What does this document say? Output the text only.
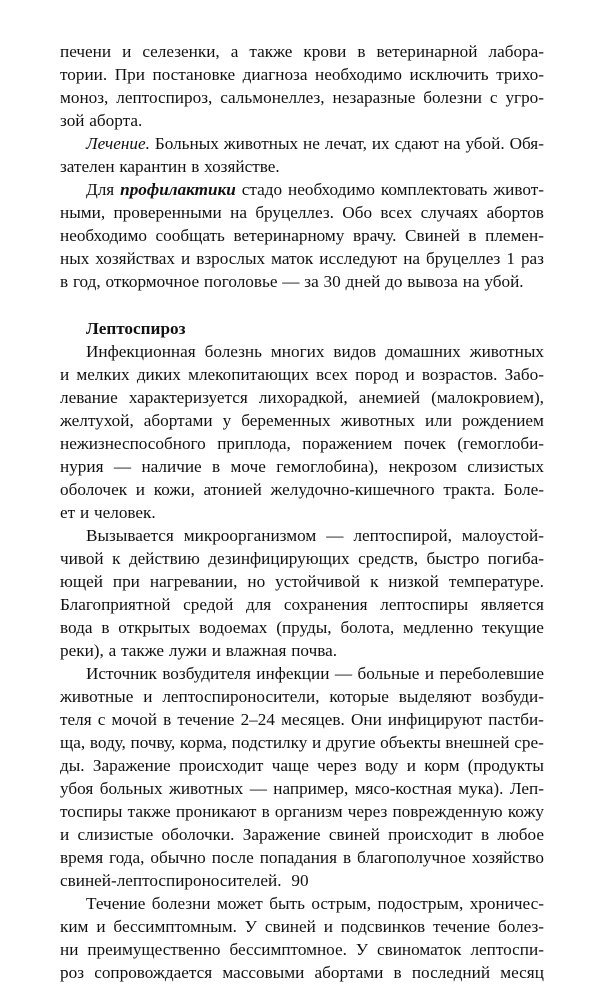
печени и селезенки, а также крови в ветеринарной лабора-
тории. При постановке диагноза необходимо исключить трихо-
моноз, лептоспироз, сальмонеллез, незаразные болезни с угро-
зой аборта.
Лечение. Больных животных не лечат, их сдают на убой. Обя-
зателен карантин в хозяйстве.
Для профилактики стадо необходимо комплектовать живот-
ными, проверенными на бруцеллез. Обо всех случаях абортов
необходимо сообщать ветеринарному врачу. Свиней в племен-
ных хозяйствах и взрослых маток исследуют на бруцеллез 1 раз
в год, откормочное поголовье — за 30 дней до вывоза на убой.
Лептоспироз
Инфекционная болезнь многих видов домашних животных
и мелких диких млекопитающих всех пород и возрастов. Забо-
левание характеризуется лихорадкой, анемией (малокровием),
желтухой, абортами у беременных животных или рождением
нежизнеспособного приплода, поражением почек (гемоглоби-
нурия — наличие в моче гемоглобина), некрозом слизистых
оболочек и кожи, атонией желудочно-кишечного тракта. Боле-
ет и человек.
Вызывается микроорганизмом — лептоспирой, малоустой-
чивой к действию дезинфицирующих средств, быстро погиба-
ющей при нагревании, но устойчивой к низкой температуре.
Благоприятной средой для сохранения лептоспиры является
вода в открытых водоемах (пруды, болота, медленно текущие
реки), а также лужи и влажная почва.
Источник возбудителя инфекции — больные и переболевшие
животные и лептоспироносители, которые выделяют возбуди-
теля с мочой в течение 2–24 месяцев. Они инфицируют пастби-
ща, воду, почву, корма, подстилку и другие объекты внешней сре-
ды. Заражение происходит чаще через воду и корм (продукты
убоя больных животных — например, мясо-костная мука). Леп-
тоспиры также проникают в организм через поврежденную кожу
и слизистые оболочки. Заражение свиней происходит в любое
время года, обычно после попадания в благополучное хозяйство
свиней-лептоспироносителей.
Течение болезни может быть острым, подострым, хроничес-
ким и бессимптомным. У свиней и подсвинков течение болез-
ни преимущественно бессимптомное. У свиноматок лептоспи-
роз сопровождается массовыми абортами в последний месяц
90
